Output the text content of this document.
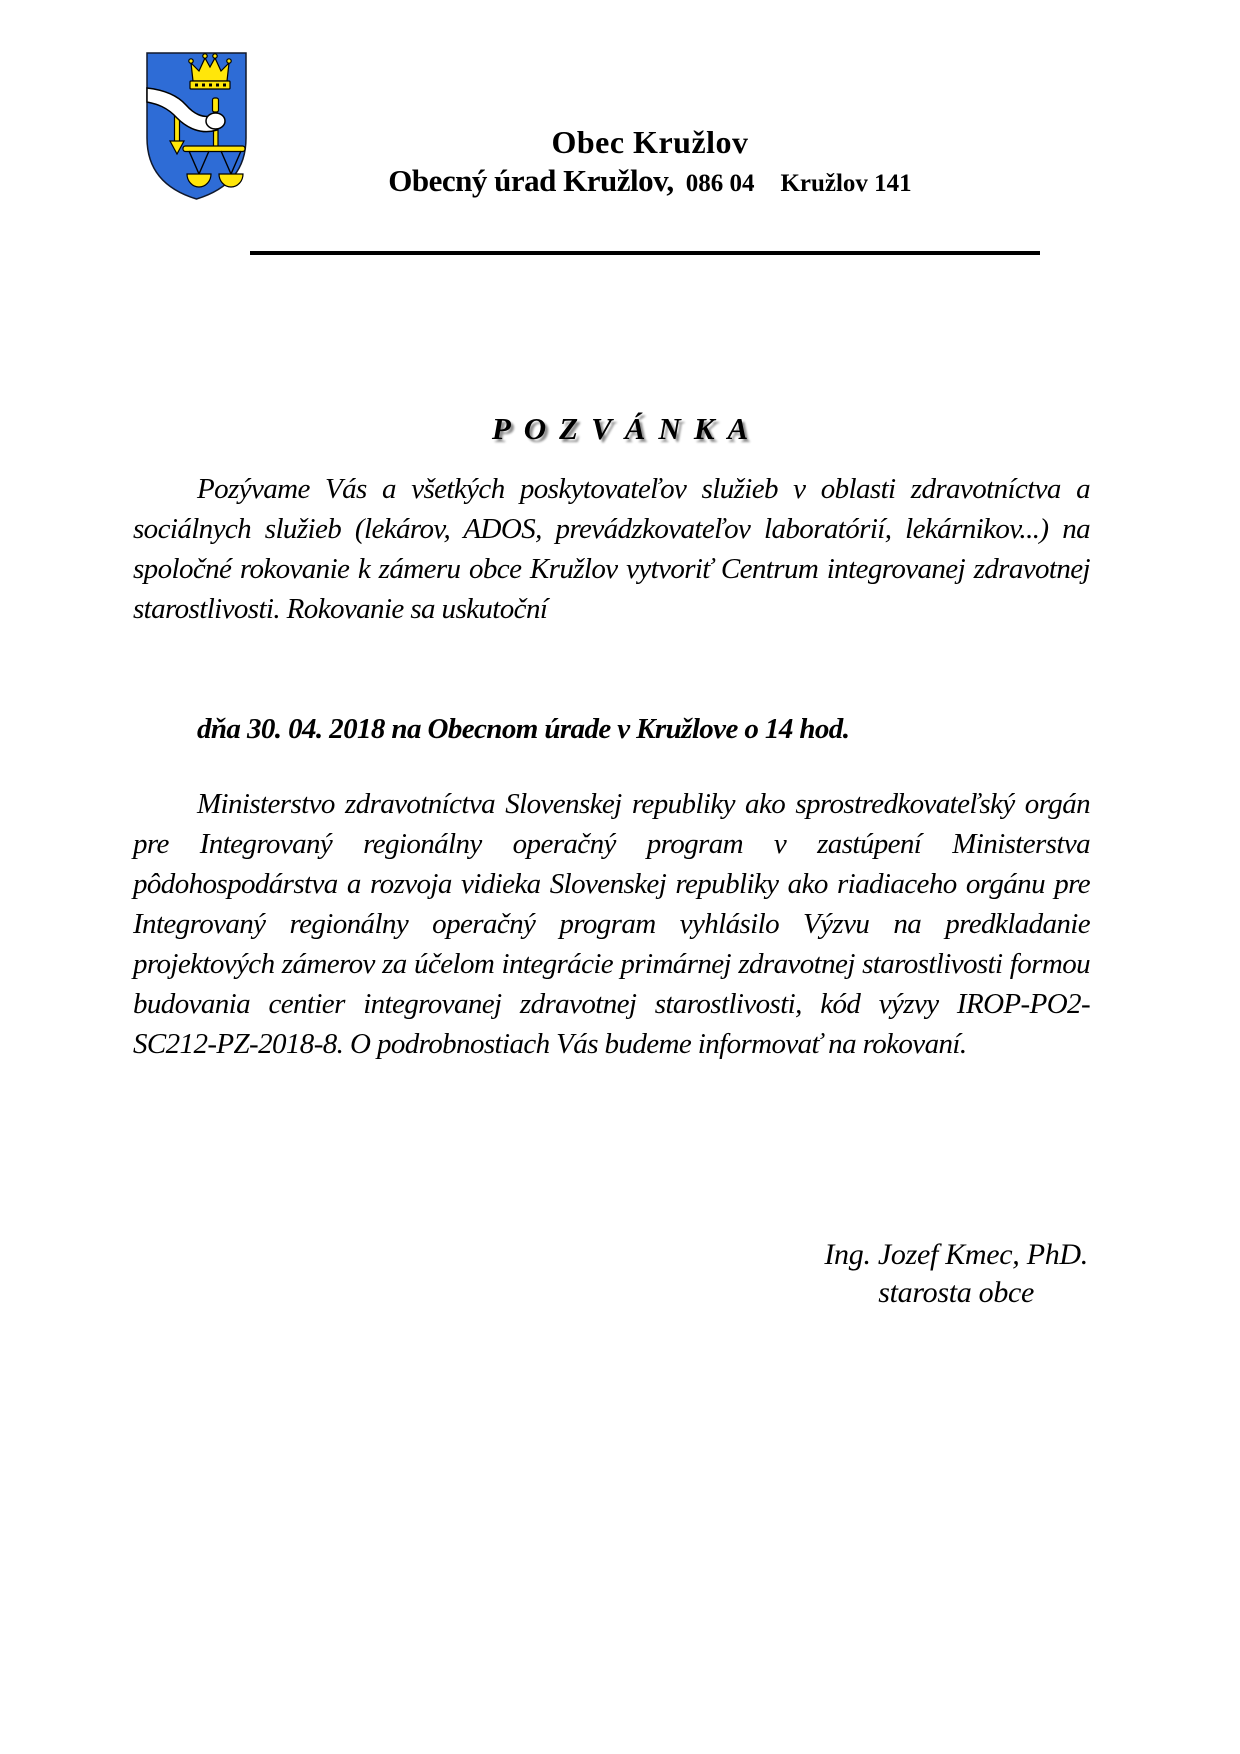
Obec Kružlov
Obecný úrad Kružlov, 086 04 Kružlov 141
POZVÁNKA

Pozývame Vás a všetkých poskytovateľov služieb v oblasti zdravotníctva a sociálnych služieb (lekárov, ADOS, prevádzkovateľov laboratórií, lekárnikov...) na spoločné rokovanie k zámeru obce Kružlov vytvoriť Centrum integrovanej zdravotnej starostlivosti. Rokovanie sa uskutoční

dňa 30. 04. 2018 na Obecnom úrade v Kružlove o 14 hod.

Ministerstvo zdravotníctva Slovenskej republiky ako sprostredkovateľský orgán pre Integrovaný regionálny operačný program v zastúpení Ministerstva pôdohospodárstva a rozvoja vidieka Slovenskej republiky ako riadiaceho orgánu pre Integrovaný regionálny operačný program vyhlásilo Výzvu na predkladanie projektových zámerov za účelom integrácie primárnej zdravotnej starostlivosti formou budovania centier integrovanej zdravotnej starostlivosti, kód výzvy IROP-PO2-SC212-PZ-2018-8. O podrobnostiach Vás budeme informovať na rokovaní.

Ing. Jozef Kmec, PhD.
starosta obce
